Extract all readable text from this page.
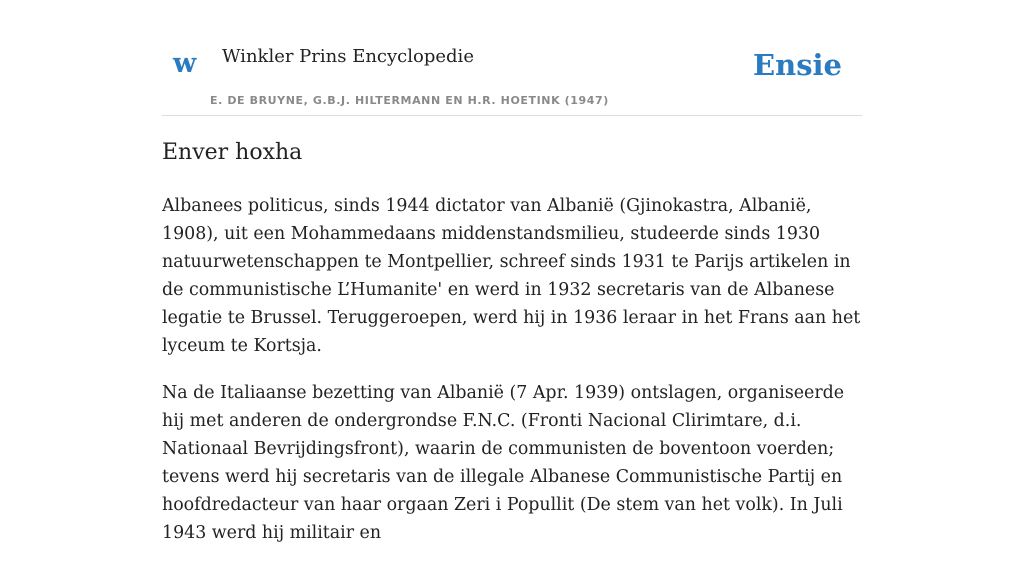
w Winkler Prins Encyclopedie
E. DE BRUYNE, G.B.J. HILTERMANN EN H.R. HOETINK (1947)
Ensie
Enver hoxha

Albanees politicus, sinds 1944 dictator van Albanië (Gjinokastra, Albanië, 1908), uit een Mohammedaans middenstandsmilieu, studeerde sinds 1930 natuurwetenschappen te Montpellier, schreef sinds 1931 te Parijs artikelen in de communistische L’Humanite' en werd in 1932 secretaris van de Albanese legatie te Brussel. Teruggeroepen, werd hij in 1936 leraar in het Frans aan het lyceum te Kortsja.

Na de Italiaanse bezetting van Albanië (7 Apr. 1939) ontslagen, organiseerde hij met anderen de ondergrondse F.N.C. (Fronti Nacional Clirimtare, d.i. Nationaal Bevrijdingsfront), waarin de communisten de boventoon voerden; tevens werd hij secretaris van de illegale Albanese Communistische Partij en hoofdredacteur van haar orgaan Zeri i Popullit (De stem van het volk). In Juli 1943 werd hij militair en
